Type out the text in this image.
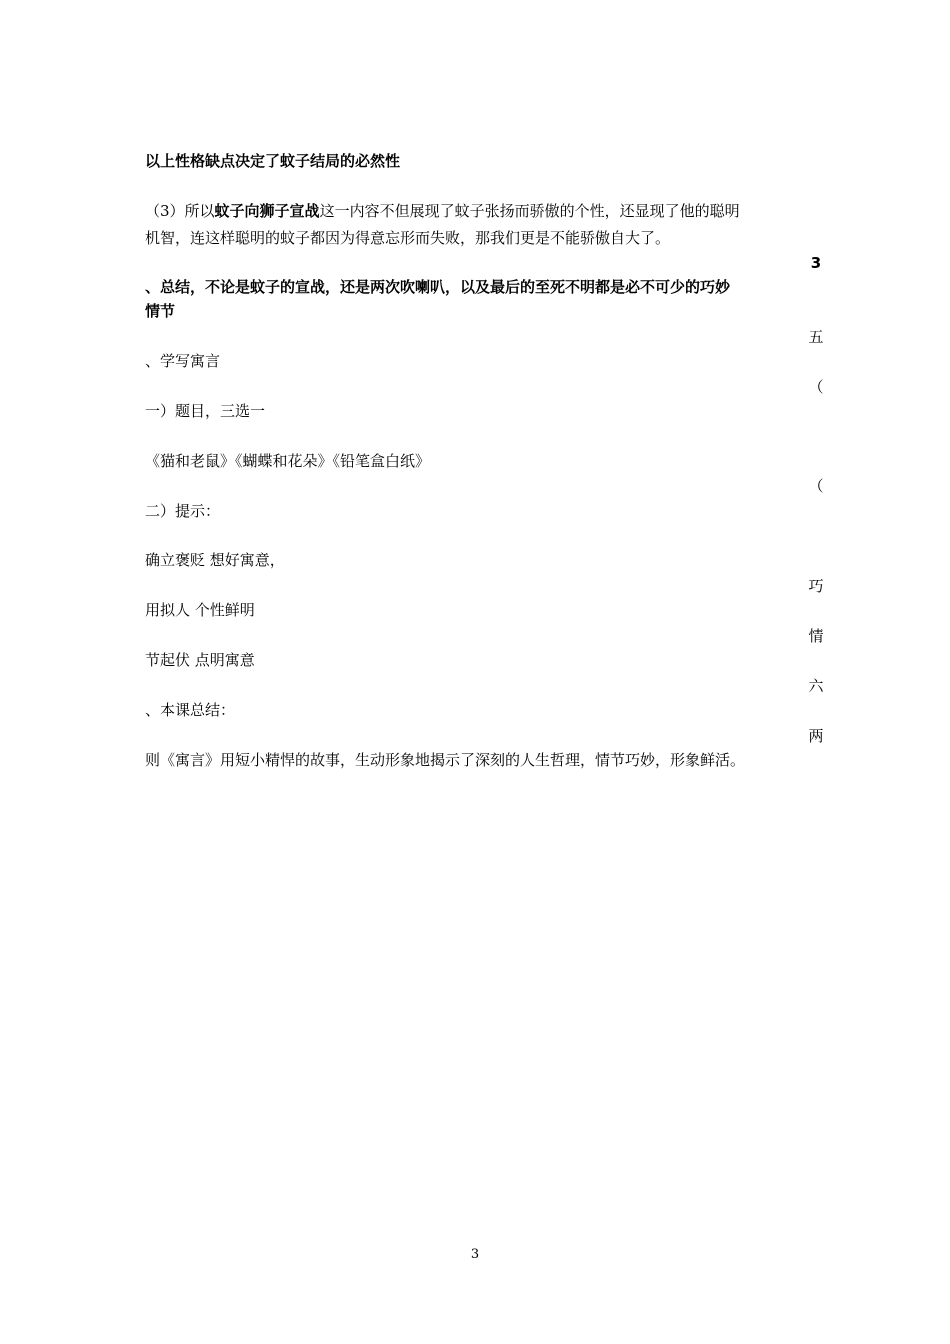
以上性格缺点决定了蚊子结局的必然性
（3）所以蚊子向狮子宣战这一内容不但展现了蚊子张扬而骄傲的个性，还显现了他的聪明
机智，连这样聪明的蚊子都因为得意忘形而失败，那我们更是不能骄傲自大了。
、总结，不论是蚊子的宣战，还是两次吹喇叭，以及最后的至死不明都是必不可少的巧妙
情节
、学写寓言
一）题目，三选一
《猫和老鼠》《蝴蝶和花朵》《铅笔盒白纸》
二）提示：
确立褒贬 想好寓意，
用拟人 个性鲜明
节起伏 点明寓意
、本课总结：
则《寓言》用短小精悍的故事，生动形象地揭示了深刻的人生哲理，情节巧妙，形象鲜活。
3
五
（
（
巧
情
六
两
3
